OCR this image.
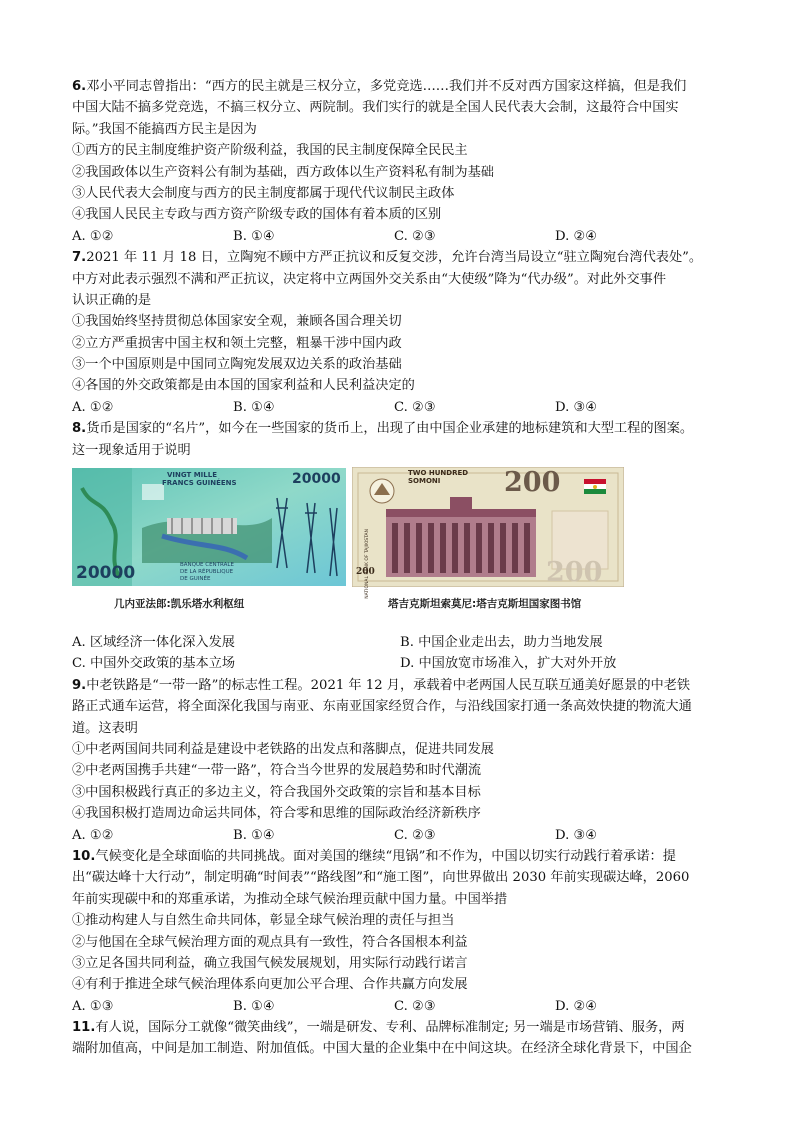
6.邓小平同志曾指出：“西方的民主就是三权分立，多党竞选……我们并不反对西方国家这样搞，但是我们
中国大陆不搞多党竞选，不搞三权分立、两院制。我们实行的就是全国人民代表大会制，这最符合中国实
际。”我国不能搞西方民主是因为
①西方的民主制度维护资产阶级利益，我国的民主制度保障全民民主
②我国政体以生产资料公有制为基础，西方政体以生产资料私有制为基础
③人民代表大会制度与西方的民主制度都属于现代代议制民主政体
④我国人民民主专政与西方资产阶级专政的国体有着本质的区别
A. ①②	B. ①④	C. ②③	D. ②④
7.2021 年 11 月 18 日，立陶宛不顾中方严正抗议和反复交涉，允许台湾当局设立“驻立陶宛台湾代表处”。
中方对此表示强烈不满和严正抗议，决定将中立两国外交关系由“大使级”降为“代办级”。对此外交事件
认识正确的是
①我国始终坚持贯彻总体国家安全观，兼顾各国合理关切
②立方严重损害中国主权和领土完整，粗暴干涉中国内政
③一个中国原则是中国同立陶宛发展双边关系的政治基础
④各国的外交政策都是由本国的国家利益和人民利益决定的
A. ①②	B. ①④	C. ②③	D. ③④
8.货币是国家的“名片”，如今在一些国家的货币上，出现了由中国企业承建的地标建筑和大型工程的图案。
这一现象适用于说明
VINGT MILLE
FRANCS GUINÉENS	20000
20000	BANQUE CENTRALE
DE LA RÉPUBLIQUE
DE GUINÉE
几内亚法郎:凯乐塔水利枢纽
TWO HUNDRED
SOMONI 200
200
200
NATIONAL BANK OF TAJIKISTAN
塔吉克斯坦索莫尼:塔吉克斯坦国家图书馆
A. 区域经济一体化深入发展	B. 中国企业走出去，助力当地发展
C. 中国外交政策的基本立场	D. 中国放宽市场准入，扩大对外开放
9.中老铁路是“一带一路”的标志性工程。2021 年 12 月，承载着中老两国人民互联互通美好愿景的中老铁
路正式通车运营，将全面深化我国与南亚、东南亚国家经贸合作，与沿线国家打通一条高效快捷的物流大通
道。这表明
①中老两国间共同利益是建设中老铁路的出发点和落脚点，促进共同发展
②中老两国携手共建“一带一路”，符合当今世界的发展趋势和时代潮流
③中国积极践行真正的多边主义，符合我国外交政策的宗旨和基本目标
④我国积极打造周边命运共同体，符合零和思维的国际政治经济新秩序
A. ①②	B. ①④	C. ②③	D. ③④
10.气候变化是全球面临的共同挑战。面对美国的继续“甩锅”和不作为，中国以切实行动践行着承诺：提
出“碳达峰十大行动”，制定明确“时间表”“路线图”和“施工图”，向世界做出 2030 年前实现碳达峰，2060
年前实现碳中和的郑重承诺，为推动全球气候治理贡献中国力量。中国举措
①推动构建人与自然生命共同体，彰显全球气候治理的责任与担当
②与他国在全球气候治理方面的观点具有一致性，符合各国根本利益
③立足各国共同利益，确立我国气候发展规划，用实际行动践行诺言
④有利于推进全球气候治理体系向更加公平合理、合作共赢方向发展
A. ①③	B. ①④	C. ②③	D. ②④
11.有人说，国际分工就像“微笑曲线”，一端是研发、专利、品牌标准制定; 另一端是市场营销、服务，两
端附加值高，中间是加工制造、附加值低。中国大量的企业集中在中间这块。在经济全球化背景下，中国企
